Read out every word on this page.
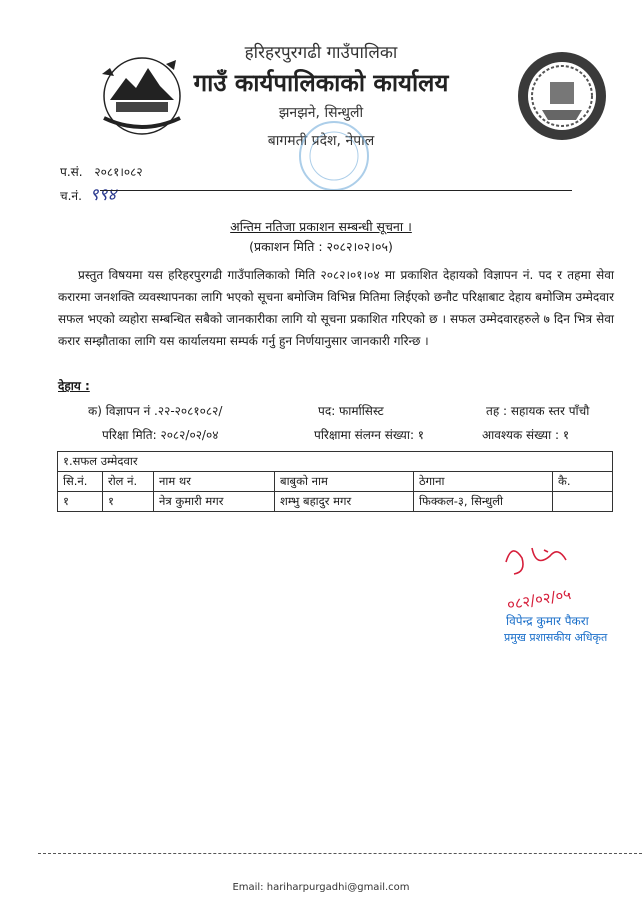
हरिहरपुरगढी गाउँपालिका
गाउँ कार्यपालिकाको कार्यालय
झनझने, सिन्धुली
बागमती प्रदेश, नेपाल
प.सं. २०८१।०८२
च.नं. ९९४
अन्तिम नतिजा प्रकाशन सम्बन्धी सूचना ।
(प्रकाशन मिति : २०८२।०२।०५)
प्रस्तुत विषयमा यस हरिहरपुरगढी गाउँपालिकाको मिति २०८२।०१।०४ मा प्रकाशित देहायको विज्ञापन नं. पद र तहमा सेवा करारमा जनशक्ति व्यवस्थापनका लागि भएको सूचना बमोजिम विभिन्न मितिमा लिईएको छनौट परिक्षाबाट देहाय बमोजिम उम्मेदवार सफल भएको व्यहोरा सम्बन्धित सबैको जानकारीका लागि यो सूचना प्रकाशित गरिएको छ । सफल उम्मेदवारहरुले ७ दिन भित्र सेवा करार सम्झौताका लागि यस कार्यालयमा सम्पर्क गर्नु हुन निर्णयानुसार जानकारी गरिन्छ ।
देहाय :
क) विज्ञापन नं .२२-२०८१०८२/	पद: फार्मासिस्ट	तह : सहायक स्तर पाँचौ
परिक्षा मिति: २०८२/०२/०४	परिक्षामा संलग्न संख्या: १	आवश्यक संख्या : १
१.सफल उम्मेदवार					
सि.नं.	रोल नं.	नाम थर	बाबुको नाम	ठेगाना	कै.
१	१	नेत्र कुमारी मगर	शम्भु बहादुर मगर	फिक्कल-३, सिन्धुली	
०८२/०२/०५
विपेन्द्र कुमार पैकरा
प्रमुख प्रशासकीय अधिकृत
Email: hariharpurgadhi@gmail.com
